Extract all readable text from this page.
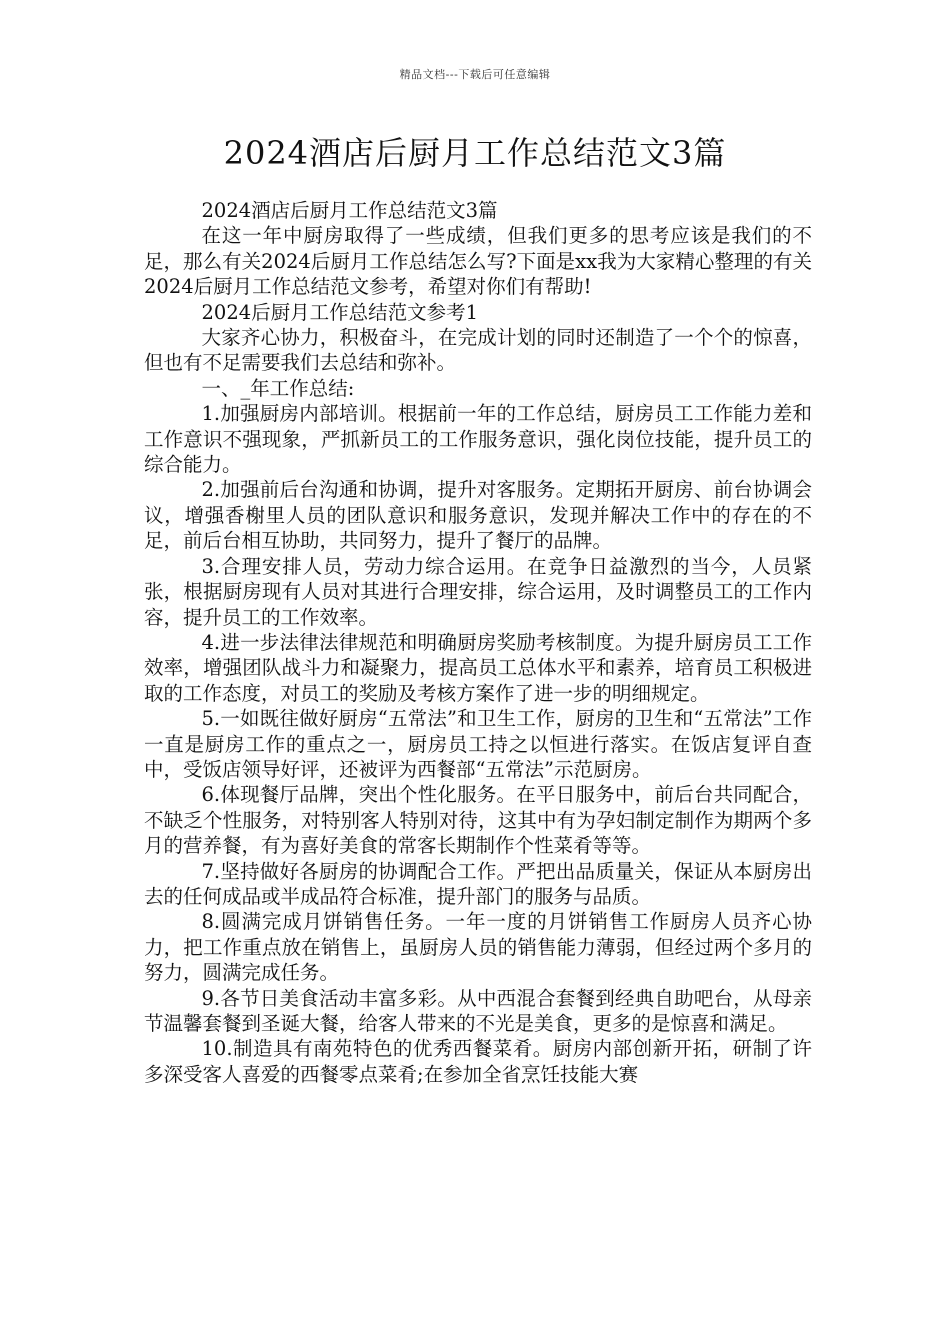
精品文档---下载后可任意编辑
2024酒店后厨月工作总结范文3篇

2024酒店后厨月工作总结范文3篇

在这一年中厨房取得了一些成绩，但我们更多的思考应该是我们的不足，那么有关2024后厨月工作总结怎么写?下面是xx我为大家精心整理的有关2024后厨月工作总结范文参考，希望对你们有帮助!

2024后厨月工作总结范文参考1

大家齐心协力，积极奋斗，在完成计划的同时还制造了一个个的惊喜，但也有不足需要我们去总结和弥补。

一、_年工作总结:

1.加强厨房内部培训。根据前一年的工作总结，厨房员工工作能力差和工作意识不强现象，严抓新员工的工作服务意识，强化岗位技能，提升员工的综合能力。

2.加强前后台沟通和协调，提升对客服务。定期拓开厨房、前台协调会议，增强香榭里人员的团队意识和服务意识，发现并解决工作中的存在的不足，前后台相互协助，共同努力，提升了餐厅的品牌。

3.合理安排人员，劳动力综合运用。在竞争日益激烈的当今，人员紧张，根据厨房现有人员对其进行合理安排，综合运用，及时调整员工的工作内容，提升员工的工作效率。

4.进一步法律法律规范和明确厨房奖励考核制度。为提升厨房员工工作效率，增强团队战斗力和凝聚力，提高员工总体水平和素养，培育员工积极进取的工作态度，对员工的奖励及考核方案作了进一步的明细规定。

5.一如既往做好厨房“五常法”和卫生工作，厨房的卫生和“五常法”工作一直是厨房工作的重点之一，厨房员工持之以恒进行落实。在饭店复评自查中，受饭店领导好评，还被评为西餐部“五常法”示范厨房。

6.体现餐厅品牌，突出个性化服务。在平日服务中，前后台共同配合，不缺乏个性服务，对特别客人特别对待，这其中有为孕妇制定制作为期两个多月的营养餐，有为喜好美食的常客长期制作个性菜肴等等。

7.坚持做好各厨房的协调配合工作。严把出品质量关，保证从本厨房出去的任何成品或半成品符合标准，提升部门的服务与品质。

8.圆满完成月饼销售任务。一年一度的月饼销售工作厨房人员齐心协力，把工作重点放在销售上，虽厨房人员的销售能力薄弱，但经过两个多月的努力，圆满完成任务。

9.各节日美食活动丰富多彩。从中西混合套餐到经典自助吧台，从母亲节温馨套餐到圣诞大餐，给客人带来的不光是美食，更多的是惊喜和满足。

10.制造具有南苑特色的优秀西餐菜肴。厨房内部创新开拓，研制了许多深受客人喜爱的西餐零点菜肴;在参加全省烹饪技能大赛
